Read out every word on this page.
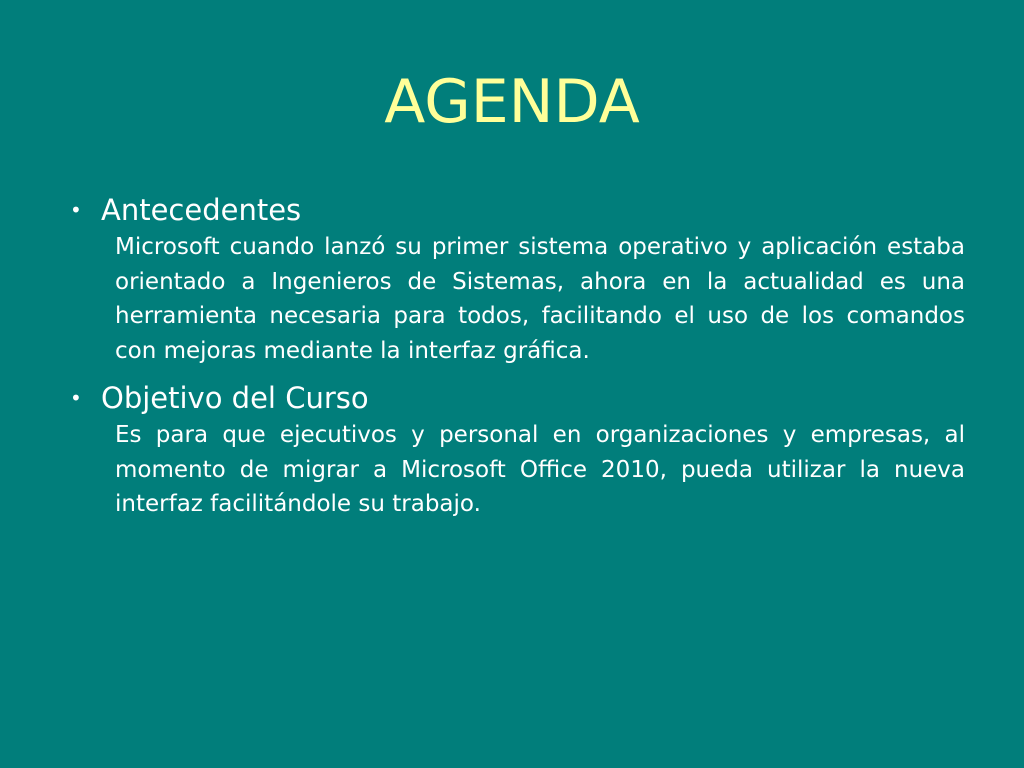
AGENDA
• Antecedentes

Microsoft cuando lanzó su primer sistema operativo y aplicación estaba orientado a Ingenieros de Sistemas, ahora en la actualidad es una herramienta necesaria para todos, facilitando el uso de los comandos con mejoras mediante la interfaz gráfica.

• Objetivo del Curso

Es para que ejecutivos y personal en organizaciones y empresas, al momento de migrar a Microsoft Office 2010, pueda utilizar la nueva interfaz facilitándole su trabajo.
